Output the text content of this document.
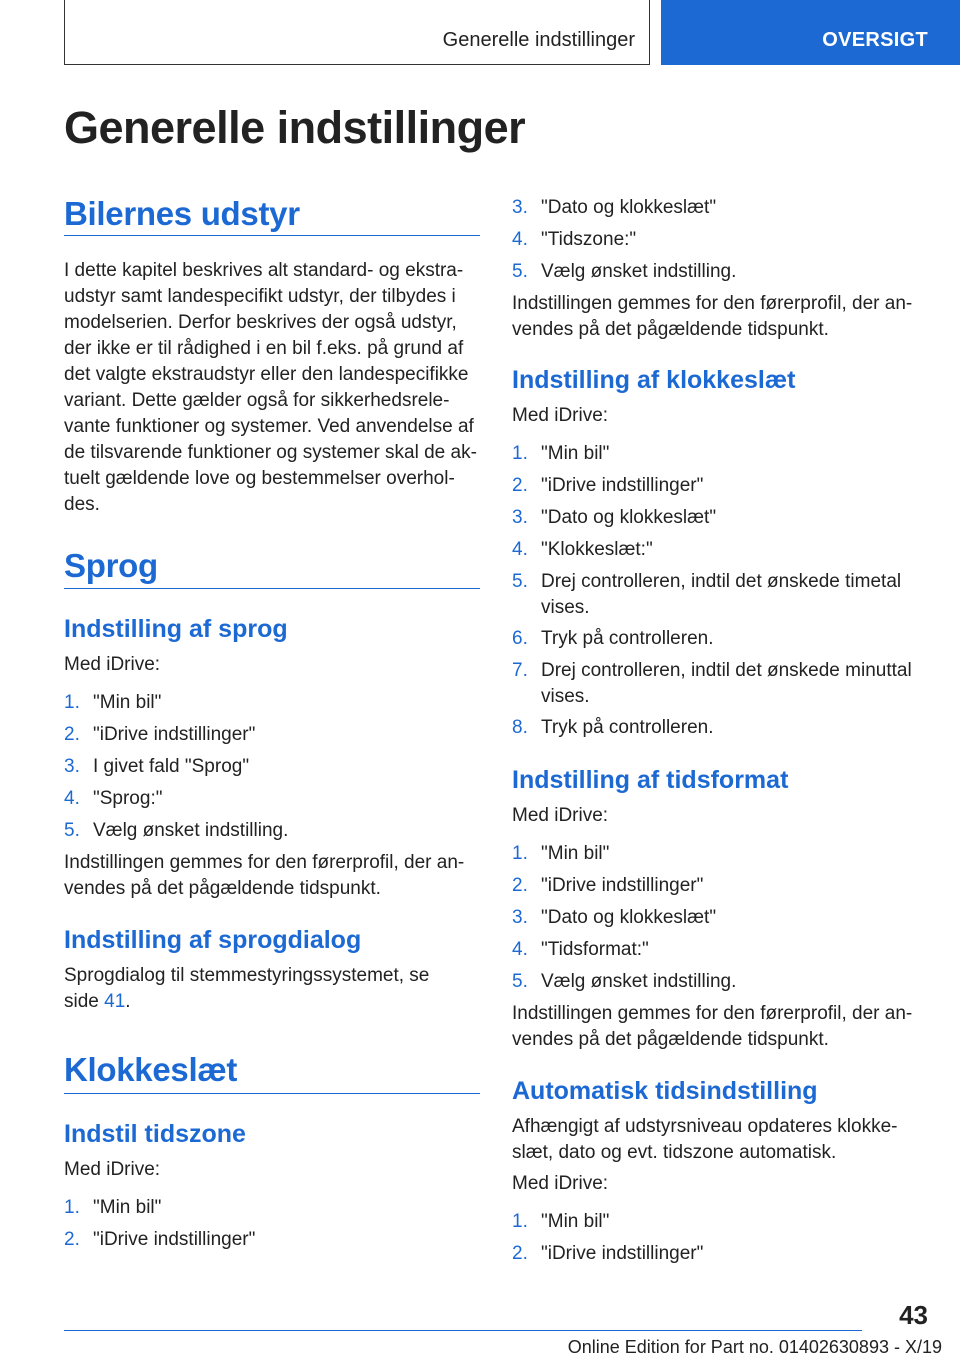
Generelle indstillinger	OVERSIGT
Generelle indstillinger
Bilernes udstyr
I dette kapitel beskrives alt standard- og ekstra-
udstyr samt landespecifikt udstyr, der tilbydes i
modelserien. Derfor beskrives der også udstyr,
der ikke er til rådighed i en bil f.eks. på grund af
det valgte ekstraudstyr eller den landespecifikke
variant. Dette gælder også for sikkerhedsrele-
vante funktioner og systemer. Ved anvendelse af
de tilsvarende funktioner og systemer skal de ak-
tuelt gældende love og bestemmelser overhol-
des.
Sprog
Indstilling af sprog
Med iDrive:
1. "Min bil"
2. "iDrive indstillinger"
3. I givet fald "Sprog"
4. "Sprog:"
5. Vælg ønsket indstilling.
Indstillingen gemmes for den førerprofil, der an-
vendes på det pågældende tidspunkt.
Indstilling af sprogdialog
Sprogdialog til stemmestyringssystemet, se
side 41.
Klokkeslæt
Indstil tidszone
Med iDrive:
1. "Min bil"
2. "iDrive indstillinger"
3. "Dato og klokkeslæt"
4. "Tidszone:"
5. Vælg ønsket indstilling.
Indstillingen gemmes for den førerprofil, der an-
vendes på det pågældende tidspunkt.
Indstilling af klokkeslæt
Med iDrive:
1. "Min bil"
2. "iDrive indstillinger"
3. "Dato og klokkeslæt"
4. "Klokkeslæt:"
5. Drej controlleren, indtil det ønskede timetal
vises.
6. Tryk på controlleren.
7. Drej controlleren, indtil det ønskede minuttal
vises.
8. Tryk på controlleren.
Indstilling af tidsformat
Med iDrive:
1. "Min bil"
2. "iDrive indstillinger"
3. "Dato og klokkeslæt"
4. "Tidsformat:"
5. Vælg ønsket indstilling.
Indstillingen gemmes for den førerprofil, der an-
vendes på det pågældende tidspunkt.
Automatisk tidsindstilling
Afhængigt af udstyrsniveau opdateres klokke-
slæt, dato og evt. tidszone automatisk.
Med iDrive:
1. "Min bil"
2. "iDrive indstillinger"
43
Online Edition for Part no. 01402630893 - X/19
